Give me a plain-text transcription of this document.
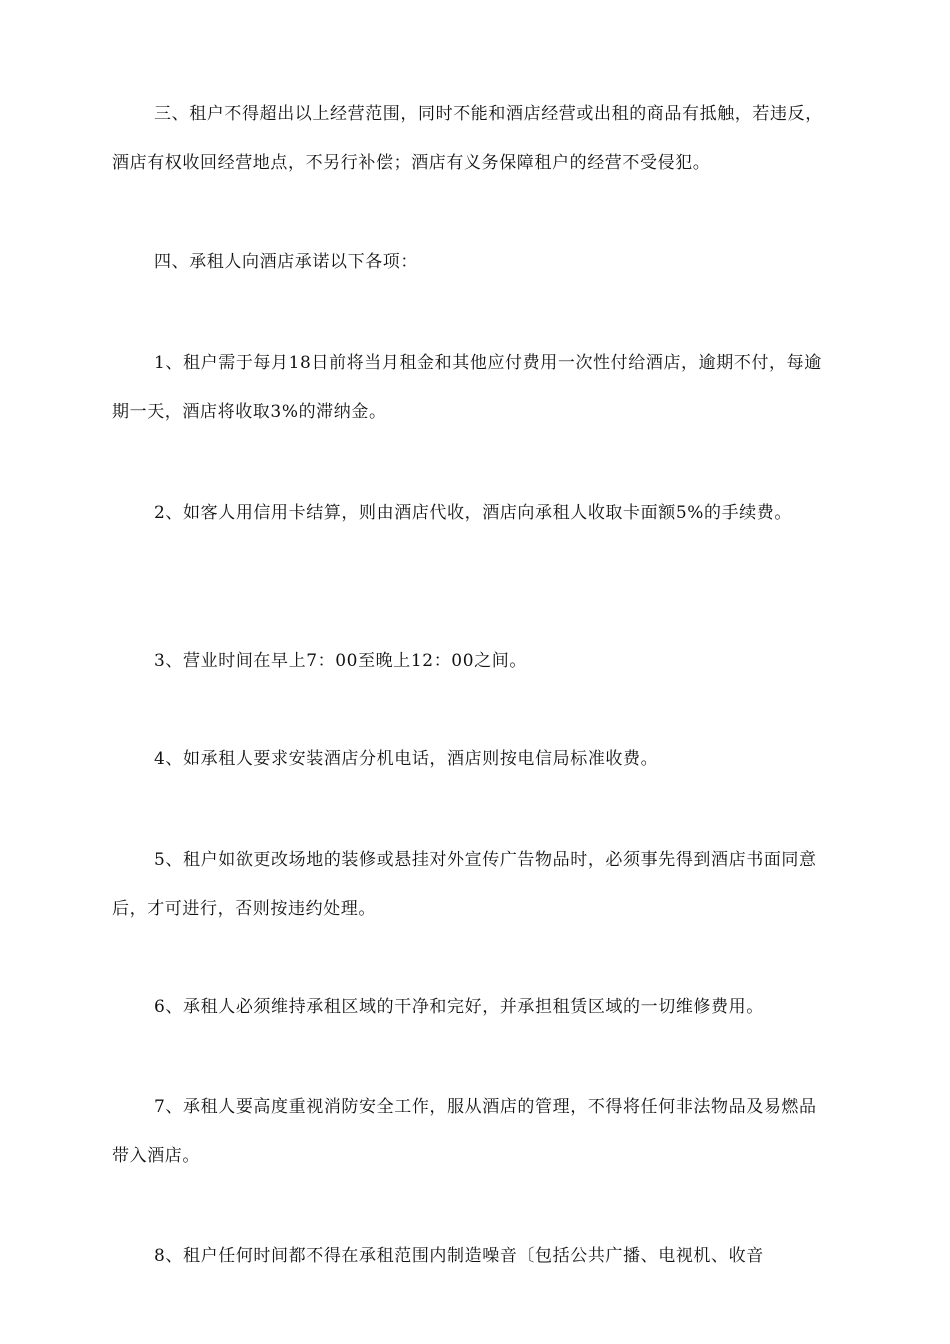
三、租户不得超出以上经营范围，同时不能和酒店经营或出租的商品有抵触，若违反，酒店有权收回经营地点，不另行补偿；酒店有义务保障租户的经营不受侵犯。

四、承租人向酒店承诺以下各项：

1、租户需于每月18日前将当月租金和其他应付费用一次性付给酒店，逾期不付，每逾期一天，酒店将收取3%的滞纳金。

2、如客人用信用卡结算，则由酒店代收，酒店向承租人收取卡面额5%的手续费。

3、营业时间在早上7：00至晚上12：00之间。

4、如承租人要求安装酒店分机电话，酒店则按电信局标准收费。

5、租户如欲更改场地的装修或悬挂对外宣传广告物品时，必须事先得到酒店书面同意后，才可进行，否则按违约处理。

6、承租人必须维持承租区域的干净和完好，并承担租赁区域的一切维修费用。

7、承租人要高度重视消防安全工作，服从酒店的管理，不得将任何非法物品及易燃品带入酒店。

8、租户任何时间都不得在承租范围内制造噪音〔包括公共广播、电视机、收音
